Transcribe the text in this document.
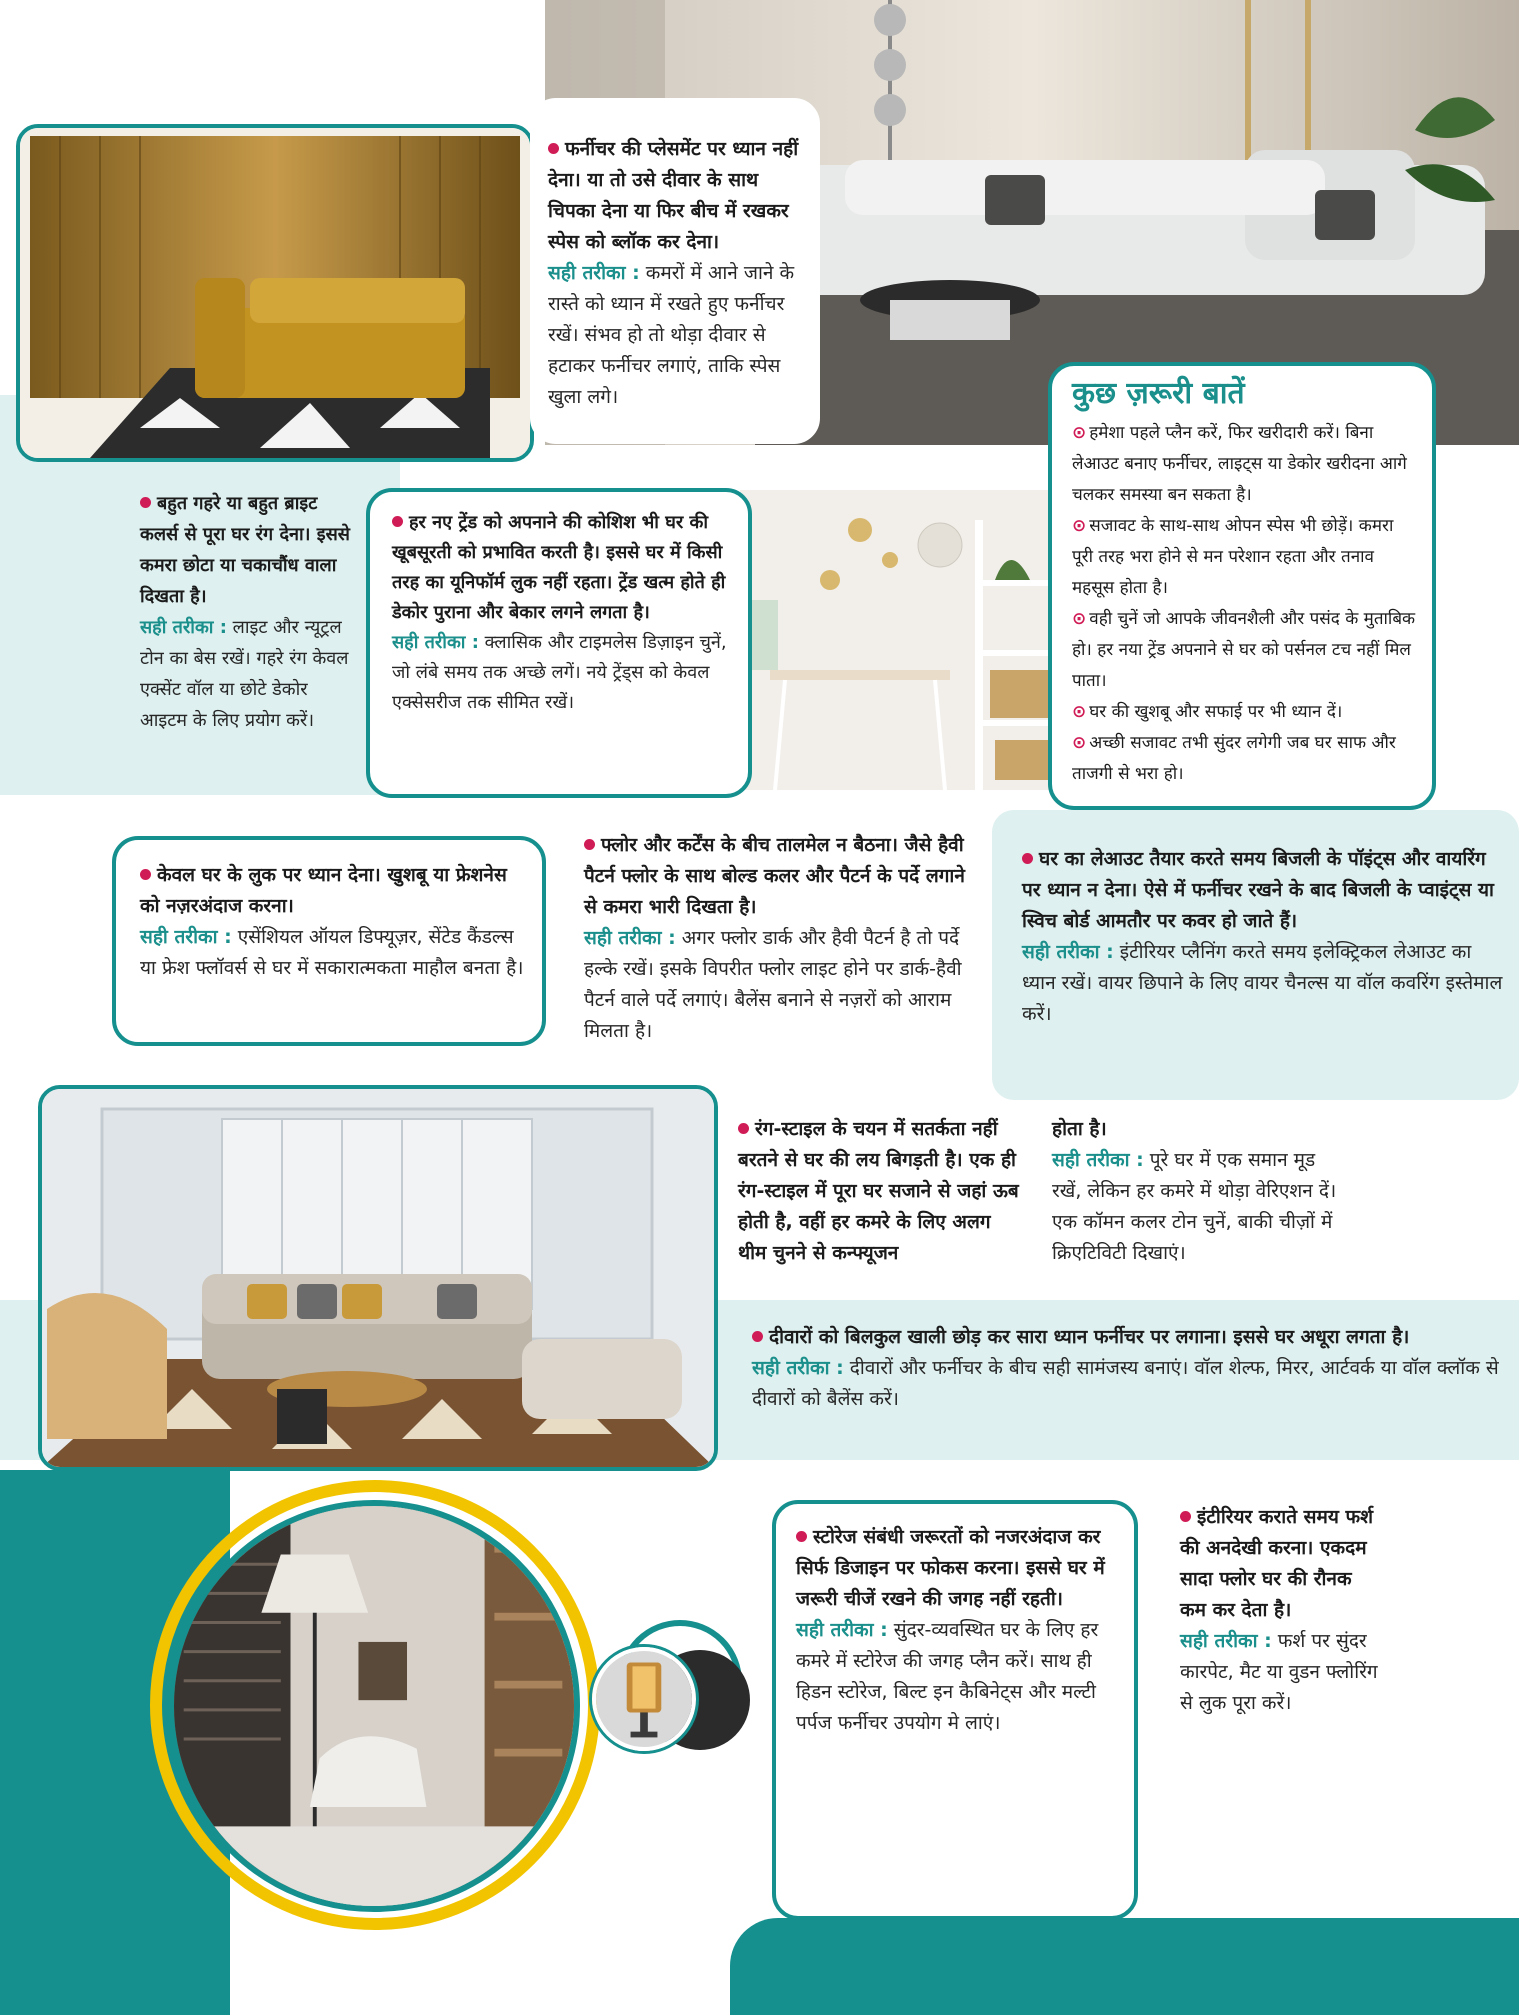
फर्नीचर की प्लेसमेंट पर ध्यान नहीं देना। या तो उसे दीवार के साथ चिपका देना या फिर बीच में रखकर स्पेस को ब्लॉक कर देना।
सही तरीका : कमरों में आने जाने के रास्ते को ध्यान में रखते हुए फर्नीचर रखें। संभव हो तो थोड़ा दीवार से हटाकर फर्नीचर लगाएं, ताकि स्पेस खुला लगे।	कुछ ज़रूरी बातें
⊙ हमेशा पहले प्लैन करें, फिर खरीदारी करें। बिना लेआउट बनाए फर्नीचर, लाइट्स या डेकोर खरीदना आगे चलकर समस्या बन सकता है।
⊙ सजावट के साथ-साथ ओपन स्पेस भी छोड़ें। कमरा पूरी तरह भरा होने से मन परेशान रहता और तनाव महसूस होता है।
⊙ वही चुनें जो आपके जीवनशैली और पसंद के मुताबिक हो। हर नया ट्रेंड अपनाने से घर को पर्सनल टच नहीं मिल पाता।
⊙ घर की खुशबू और सफाई पर भी ध्यान दें।
⊙ अच्छी सजावट तभी सुंदर लगेगी जब घर साफ और ताजगी से भरा हो।
बहुत गहरे या बहुत ब्राइट कलर्स से पूरा घर रंग देना। इससे कमरा छोटा या चकाचौंध वाला दिखता है।
सही तरीका : लाइट और न्यूट्रल टोन का बेस रखें। गहरे रंग केवल एक्सेंट वॉल या छोटे डेकोर आइटम के लिए प्रयोग करें।
हर नए ट्रेंड को अपनाने की कोशिश भी घर की खूबसूरती को प्रभावित करती है। इससे घर में किसी तरह का यूनिफॉर्म लुक नहीं रहता। ट्रेंड खत्म होते ही डेकोर पुराना और बेकार लगने लगता है।
सही तरीका : क्लासिक और टाइमलेस डिज़ाइन चुनें, जो लंबे समय तक अच्छे लगें। नये ट्रेंड्स को केवल एक्सेसरीज तक सीमित रखें।
केवल घर के लुक पर ध्यान देना। खुशबू या फ्रेशनेस को नज़रअंदाज करना।
सही तरीका : एसेंशियल ऑयल डिफ्यूज़र, सेंटेड कैंडल्स या फ्रेश फ्लॉवर्स से घर में सकारात्मकता माहौल बनता है।
फ्लोर और कर्टेंस के बीच तालमेल न बैठना। जैसे हैवी पैटर्न फ्लोर के साथ बोल्ड कलर और पैटर्न के पर्दे लगाने से कमरा भारी दिखता है।
सही तरीका : अगर फ्लोर डार्क और हैवी पैटर्न है तो पर्दे हल्के रखें। इसके विपरीत फ्लोर लाइट होने पर डार्क-हैवी पैटर्न वाले पर्दे लगाएं। बैलेंस बनाने से नज़रों को आराम मिलता है।
घर का लेआउट तैयार करते समय बिजली के पॉइंट्स और वायरिंग पर ध्यान न देना। ऐसे में फर्नीचर रखने के बाद बिजली के प्वाइंट्स या स्विच बोर्ड आमतौर पर कवर हो जाते हैं।
सही तरीका : इंटीरियर प्लैनिंग करते समय इलेक्ट्रिकल लेआउट का ध्यान रखें। वायर छिपाने के लिए वायर चैनल्स या वॉल कवरिंग इस्तेमाल करें।
रंग-स्टाइल के चयन में सतर्कता नहीं बरतने से घर की लय बिगड़ती है। एक ही रंग-स्टाइल में पूरा घर सजाने से जहां ऊब होती है, वहीं हर कमरे के लिए अलग थीम चुनने से कन्फ्यूजन
होता है।
सही तरीका : पूरे घर में एक समान मूड रखें, लेकिन हर कमरे में थोड़ा वेरिएशन दें। एक कॉमन कलर टोन चुनें, बाकी चीज़ों में क्रिएटिविटी दिखाएं।
दीवारों को बिलकुल खाली छोड़ कर सारा ध्यान फर्नीचर पर लगाना। इससे घर अधूरा लगता है।
सही तरीका : दीवारों और फर्नीचर के बीच सही सामंजस्य बनाएं। वॉल शेल्फ, मिरर, आर्टवर्क या वॉल क्लॉक से दीवारों को बैलेंस करें।
स्टोरेज संबंधी जरूरतों को नजरअंदाज कर सिर्फ डिजाइन पर फोकस करना। इससे घर में जरूरी चीजें रखने की जगह नहीं रहती।
सही तरीका : सुंदर-व्यवस्थित घर के लिए हर कमरे में स्टोरेज की जगह प्लैन करें। साथ ही हिडन स्टोरेज, बिल्ट इन कैबिनेट्स और मल्टी पर्पज फर्नीचर उपयोग मे लाएं।
इंटीरियर कराते समय फर्श की अनदेखी करना। एकदम सादा फ्लोर घर की रौनक कम कर देता है।
सही तरीका : फर्श पर सुंदर कारपेट, मैट या वुडन फ्लोरिंग से लुक पूरा करें।
